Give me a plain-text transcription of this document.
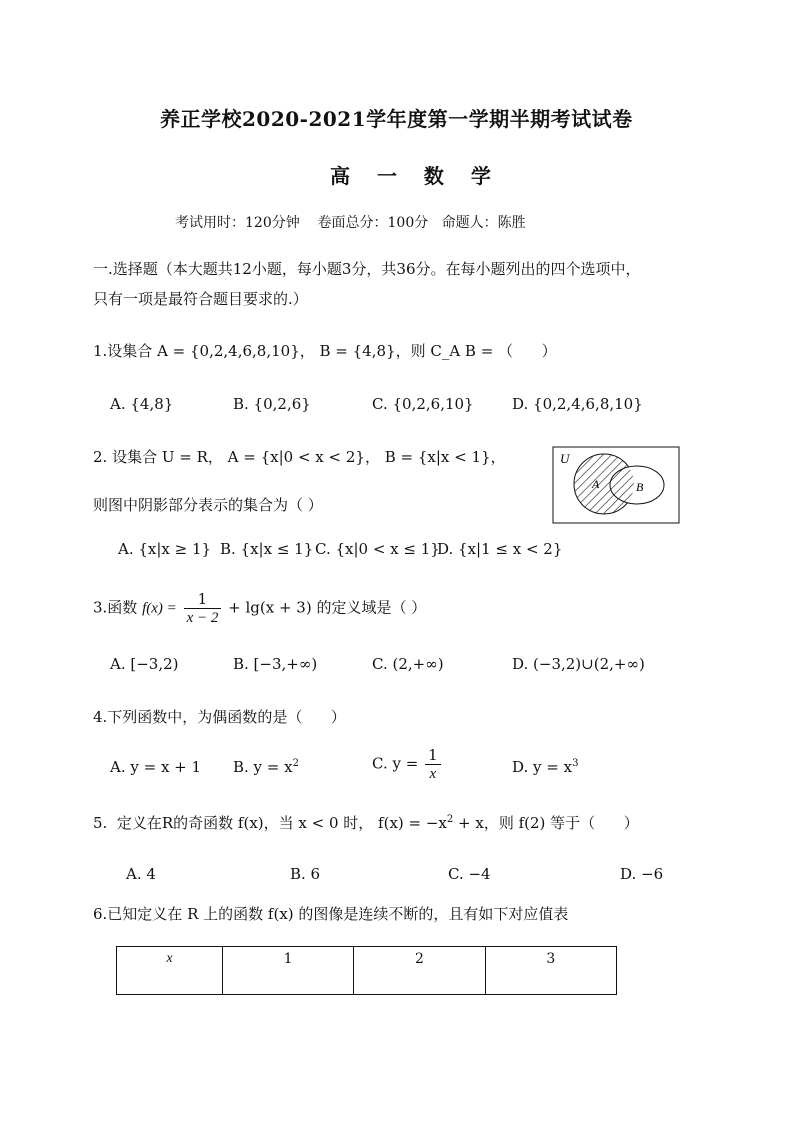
养正学校2020-2021学年度第一学期半期考试试卷
高 一 数 学
考试用时：120分钟    卷面总分：100分   命题人：陈胜
一.选择题（本大题共12小题，每小题3分，共36分。在每小题列出的四个选项中，
只有一项是最符合题目要求的.）
1.设集合 A = {0,2,4,6,8,10}， B = {4,8}，则 C_A B = （      ）
A. {4,8}	B. {0,2,6}	C. {0,2,6,10}	D. {0,2,4,6,8,10}
2. 设集合 U = R， A = {x|0 < x < 2}， B = {x|x < 1}，
则图中阴影部分表示的集合为（ ）
U
A	B
A. {x|x ≥ 1} B. {x|x ≤ 1} C. {x|0 < x ≤ 1}
D. {x|1 ≤ x < 2}
3.函数 $f(x) = \frac{1}{x - 2} + \lg(x + 3)$ 的定义域是（ ）
A. [−3,2)	B. [−3,+∞)	C. (2,+∞)	D. (−3,2)∪(2,+∞)
4.下列函数中，为偶函数的是（      ）
A. y = x + 1 B. $y = x^2$	C. $y = \frac{1}{x}$	D. $y = x^3$
5.  定义在R的奇函数 f(x)，当 x < 0 时， $f(x) = -x^2 + x$，则 f(2) 等于（      ）
A. 4	B. 6	C. −4	D. −6
6.已知定义在 R 上的函数 f(x) 的图像是连续不断的，且有如下对应值表
x	1	2	3
